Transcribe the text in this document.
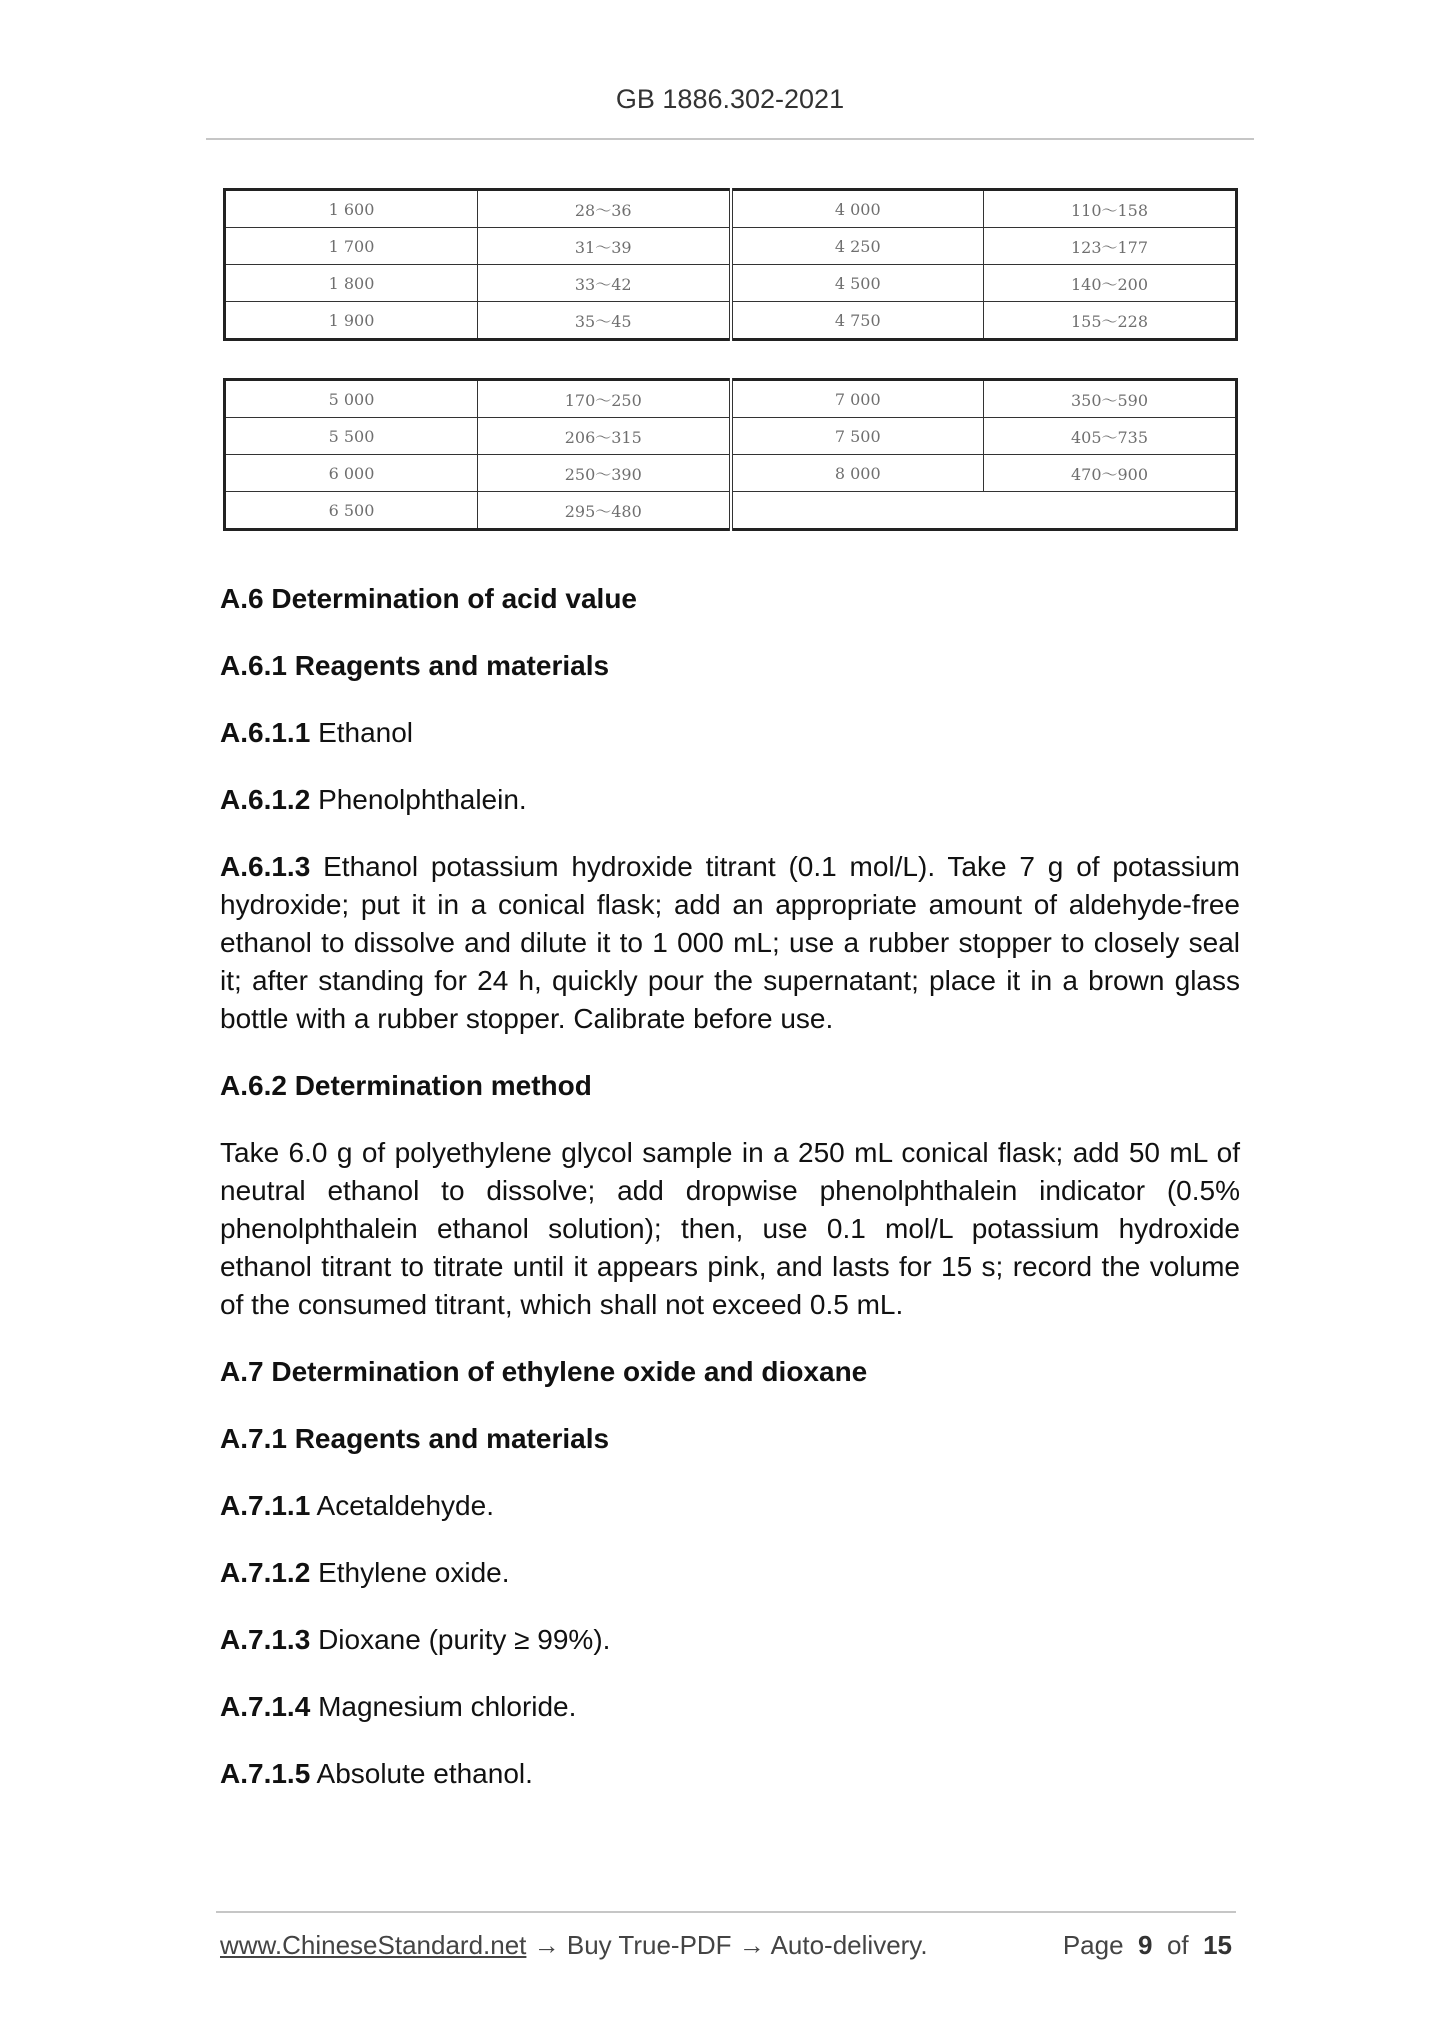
GB 1886.302-2021
1 600	28～36	4 000	110～158
1 700	31～39	4 250	123～177
1 800	33～42	4 500	140～200
1 900	35～45	4 750	155～228
5 000	170～250	7 000	350～590
5 500	206～315	7 500	405～735
6 000	250～390	8 000	470～900
6 500	295～480		
A.6 Determination of acid value
A.6.1 Reagents and materials
A.6.1.1 Ethanol
A.6.1.2 Phenolphthalein.
A.6.1.3 Ethanol potassium hydroxide titrant (0.1 mol/L). Take 7 g of potassium hydroxide; put it in a conical flask; add an appropriate amount of aldehyde-free ethanol to dissolve and dilute it to 1 000 mL; use a rubber stopper to closely seal it; after standing for 24 h, quickly pour the supernatant; place it in a brown glass bottle with a rubber stopper. Calibrate before use.
A.6.2 Determination method
Take 6.0 g of polyethylene glycol sample in a 250 mL conical flask; add 50 mL of neutral ethanol to dissolve; add dropwise phenolphthalein indicator (0.5% phenolphthalein ethanol solution); then, use 0.1 mol/L potassium hydroxide ethanol titrant to titrate until it appears pink, and lasts for 15 s; record the volume of the consumed titrant, which shall not exceed 0.5 mL.
A.7 Determination of ethylene oxide and dioxane
A.7.1 Reagents and materials
A.7.1.1 Acetaldehyde.
A.7.1.2 Ethylene oxide.
A.7.1.3 Dioxane (purity ≥ 99%).
A.7.1.4 Magnesium chloride.
A.7.1.5 Absolute ethanol.
www.ChineseStandard.net → Buy True-PDF → Auto-delivery.	Page 9 of 15
